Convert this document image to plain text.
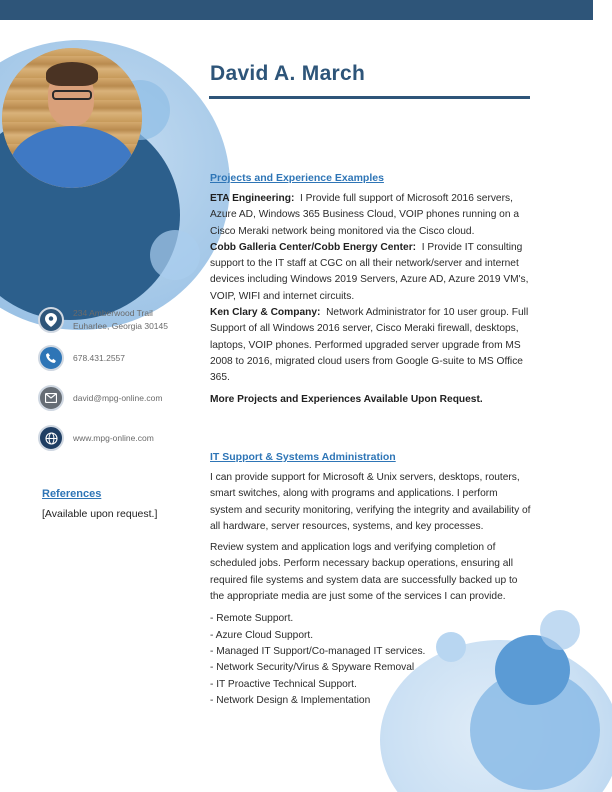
David A. March
234 Amberwood Trail
Euharlee, Georgia 30145
678.431.2557
david@mpg-online.com
www.mpg-online.com
References
[Available upon request.]
Projects and Experience Examples

ETA Engineering: I Provide full support of Microsoft 2016 servers, Azure AD, Windows 365 Business Cloud, VOIP phones running on a Cisco Meraki network being monitored via the Cisco cloud.

Cobb Galleria Center/Cobb Energy Center: I Provide IT consulting support to the IT staff at CGC on all their network/server and internet devices including Windows 2019 Servers, Azure AD, Azure 2019 VM's, VOIP, WIFI and internet circuits.

Ken Clary & Company: Network Administrator for 10 user group. Full Support of all Windows 2016 server, Cisco Meraki firewall, desktops, laptops, VOIP phones. Performed upgraded server upgrade from MS 2008 to 2016, migrated cloud users from Google G-suite to MS Office 365.

More Projects and Experiences Available Upon Request.

IT Support & Systems Administration

I can provide support for Microsoft & Unix servers, desktops, routers, smart switches, along with programs and applications. I perform system and security monitoring, verifying the integrity and availability of all hardware, server resources, systems, and key processes.

Review system and application logs and verifying completion of scheduled jobs. Perform necessary backup operations, ensuring all required file systems and system data are successfully backed up to the appropriate media are just some of the services I can provide.

- Remote Support.
- Azure Cloud Support.
- Managed IT Support/Co-managed IT services.
- Network Security/Virus & Spyware Removal
- IT Proactive Technical Support.
- Network Design & Implementation
